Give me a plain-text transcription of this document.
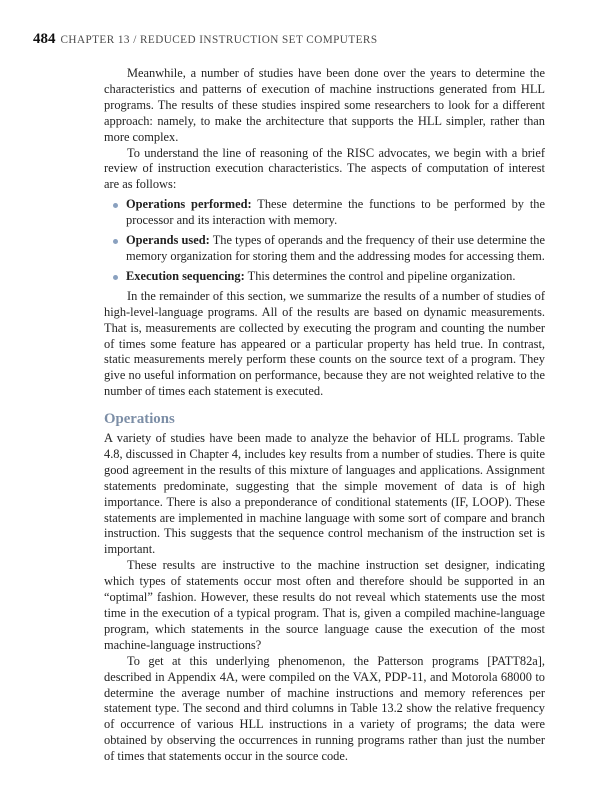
484 CHAPTER 13 / REDUCED INSTRUCTION SET COMPUTERS

Meanwhile, a number of studies have been done over the years to determine the characteristics and patterns of execution of machine instructions generated from HLL programs. The results of these studies inspired some researchers to look for a different approach: namely, to make the architecture that supports the HLL simpler, rather than more complex.

To understand the line of reasoning of the RISC advocates, we begin with a brief review of instruction execution characteristics. The aspects of computation of interest are as follows:

Operations performed: These determine the functions to be performed by the processor and its interaction with memory.
Operands used: The types of operands and the frequency of their use determine the memory organization for storing them and the addressing modes for accessing them.
Execution sequencing: This determines the control and pipeline organization.

In the remainder of this section, we summarize the results of a number of studies of high-level-language programs. All of the results are based on dynamic measurements. That is, measurements are collected by executing the program and counting the number of times some feature has appeared or a particular property has held true. In contrast, static measurements merely perform these counts on the source text of a program. They give no useful information on performance, because they are not weighted relative to the number of times each statement is executed.

Operations

A variety of studies have been made to analyze the behavior of HLL programs. Table 4.8, discussed in Chapter 4, includes key results from a number of studies. There is quite good agreement in the results of this mixture of languages and applications. Assignment statements predominate, suggesting that the simple movement of data is of high importance. There is also a preponderance of conditional statements (IF, LOOP). These statements are implemented in machine language with some sort of compare and branch instruction. This suggests that the sequence control mechanism of the instruction set is important.

These results are instructive to the machine instruction set designer, indicating which types of statements occur most often and therefore should be supported in an “optimal” fashion. However, these results do not reveal which statements use the most time in the execution of a typical program. That is, given a compiled machine-language program, which statements in the source language cause the execution of the most machine-language instructions?

To get at this underlying phenomenon, the Patterson programs [PATT82a], described in Appendix 4A, were compiled on the VAX, PDP-11, and Motorola 68000 to determine the average number of machine instructions and memory references per statement type. The second and third columns in Table 13.2 show the relative frequency of occurrence of various HLL instructions in a variety of programs; the data were obtained by observing the occurrences in running programs rather than just the number of times that statements occur in the source code.
